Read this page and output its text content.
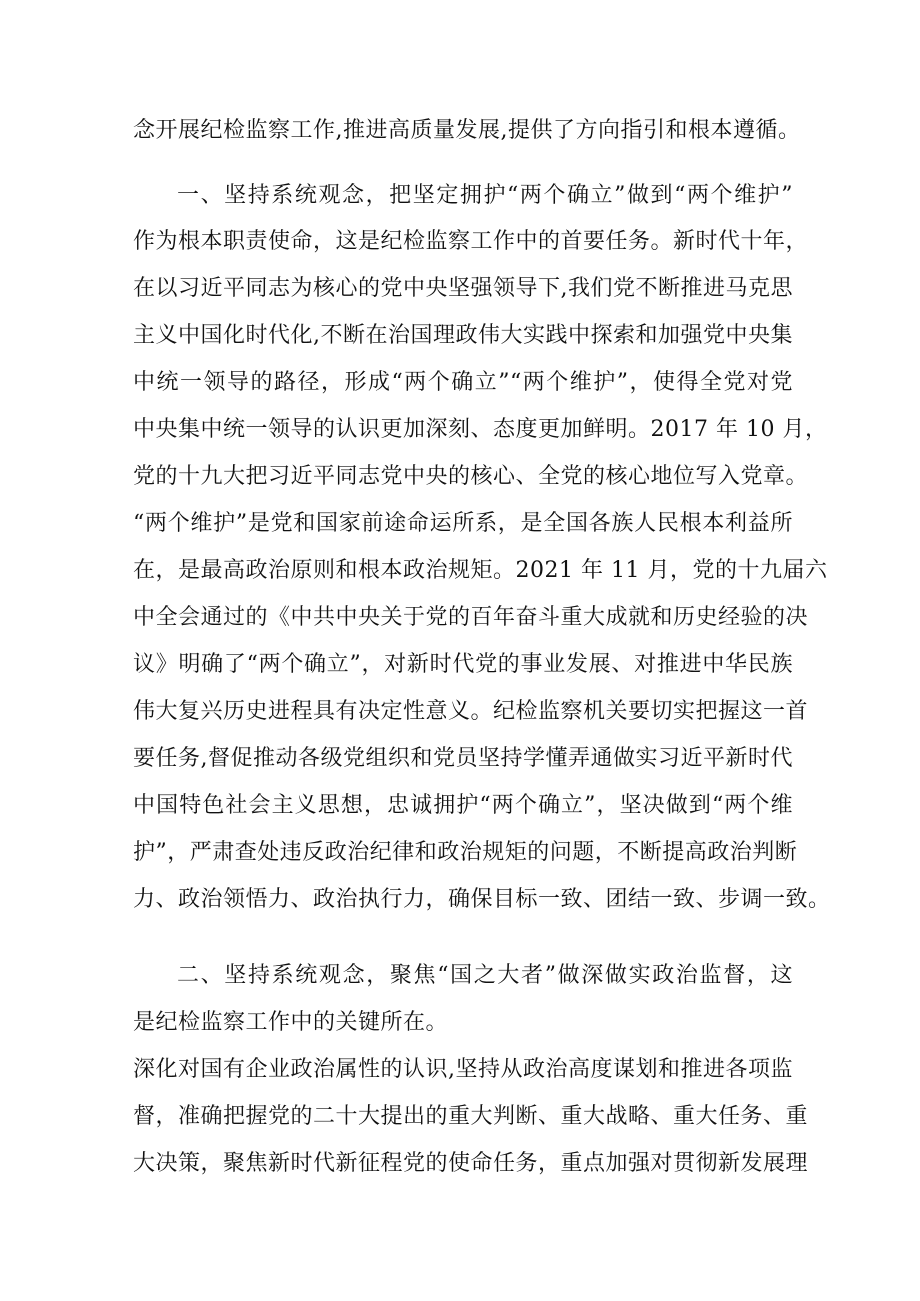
念开展纪检监察工作,推进高质量发展,提供了方向指引和根本遵循。
一、坚持系统观念，把坚定拥护“两个确立”做到“两个维护”
作为根本职责使命，这是纪检监察工作中的首要任务。新时代十年，
在以习近平同志为核心的党中央坚强领导下,我们党不断推进马克思
主义中国化时代化,不断在治国理政伟大实践中探索和加强党中央集
中统一领导的路径，形成“两个确立”“两个维护”，使得全党对党
中央集中统一领导的认识更加深刻、态度更加鲜明。2017 年 10 月，
党的十九大把习近平同志党中央的核心、全党的核心地位写入党章。
“两个维护”是党和国家前途命运所系，是全国各族人民根本利益所
在，是最高政治原则和根本政治规矩。2021 年 11 月，党的十九届六
中全会通过的《中共中央关于党的百年奋斗重大成就和历史经验的决
议》明确了“两个确立”，对新时代党的事业发展、对推进中华民族
伟大复兴历史进程具有决定性意义。纪检监察机关要切实把握这一首
要任务,督促推动各级党组织和党员坚持学懂弄通做实习近平新时代
中国特色社会主义思想，忠诚拥护“两个确立”，坚决做到“两个维
护”，严肃查处违反政治纪律和政治规矩的问题，不断提高政治判断
力、政治领悟力、政治执行力，确保目标一致、团结一致、步调一致。
二、坚持系统观念，聚焦“国之大者”做深做实政治监督，这
是纪检监察工作中的关键所在。
深化对国有企业政治属性的认识,坚持从政治高度谋划和推进各项监
督，准确把握党的二十大提出的重大判断、重大战略、重大任务、重
大决策，聚焦新时代新征程党的使命任务，重点加强对贯彻新发展理
